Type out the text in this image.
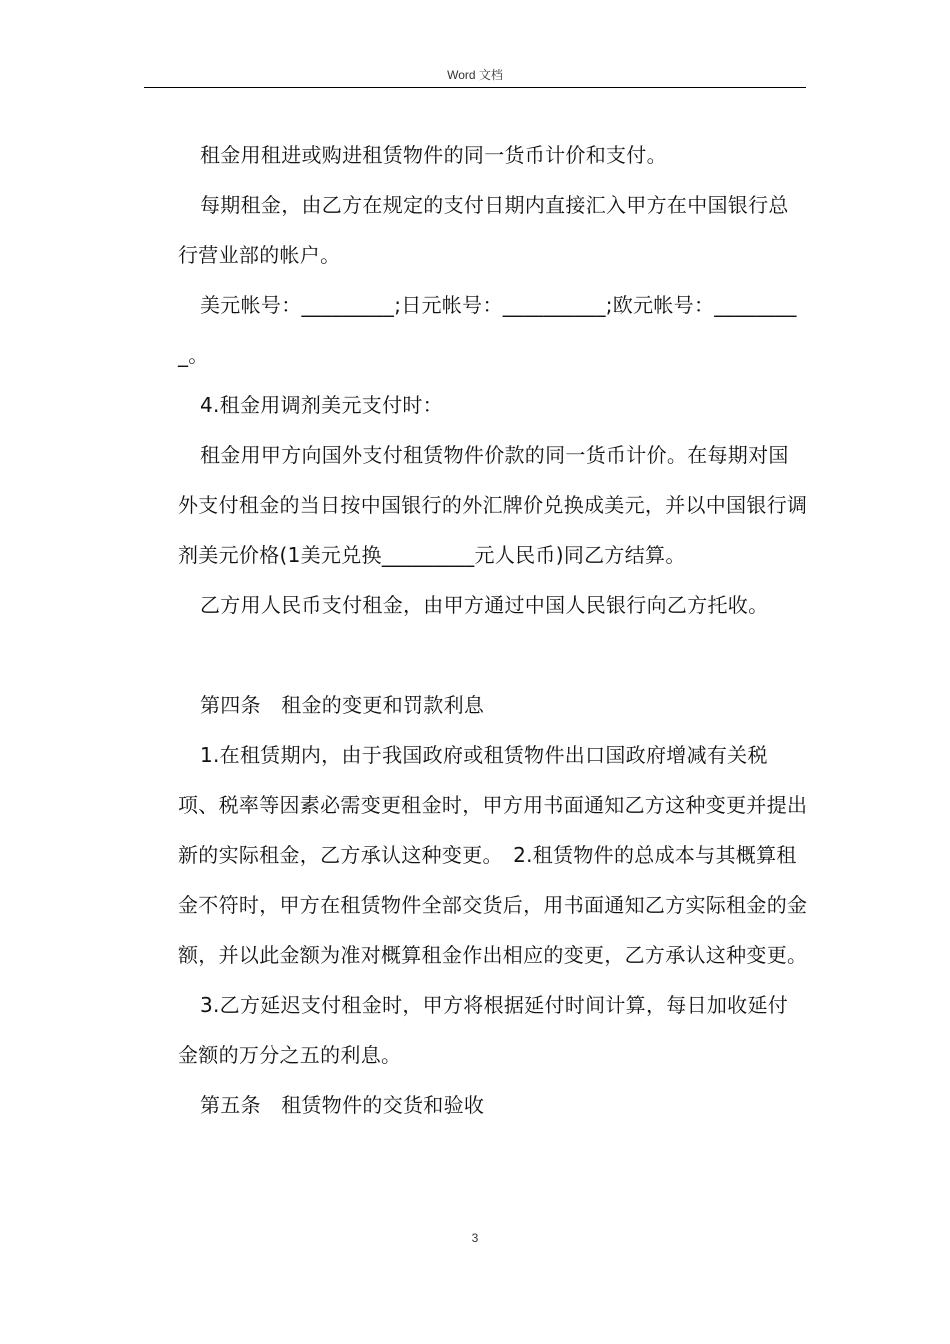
Word 文档

租金用租进或购进租赁物件的同一货币计价和支付。

每期租金，由乙方在规定的支付日期内直接汇入甲方在中国银行总行营业部的帐户。

美元帐号：_________;日元帐号：__________;欧元帐号：_________。

4.租金用调剂美元支付时：

租金用甲方向国外支付租赁物件价款的同一货币计价。在每期对国外支付租金的当日按中国银行的外汇牌价兑换成美元，并以中国银行调剂美元价格(1美元兑换_________元人民币)同乙方结算。

乙方用人民币支付租金，由甲方通过中国人民银行向乙方托收。

第四条　租金的变更和罚款利息

1.在租赁期内，由于我国政府或租赁物件出口国政府增减有关税项、税率等因素必需变更租金时，甲方用书面通知乙方这种变更并提出新的实际租金，乙方承认这种变更。　2.租赁物件的总成本与其概算租金不符时，甲方在租赁物件全部交货后，用书面通知乙方实际租金的金额，并以此金额为准对概算租金作出相应的变更，乙方承认这种变更。

3.乙方延迟支付租金时，甲方将根据延付时间计算，每日加收延付金额的万分之五的利息。

第五条　租赁物件的交货和验收

3
